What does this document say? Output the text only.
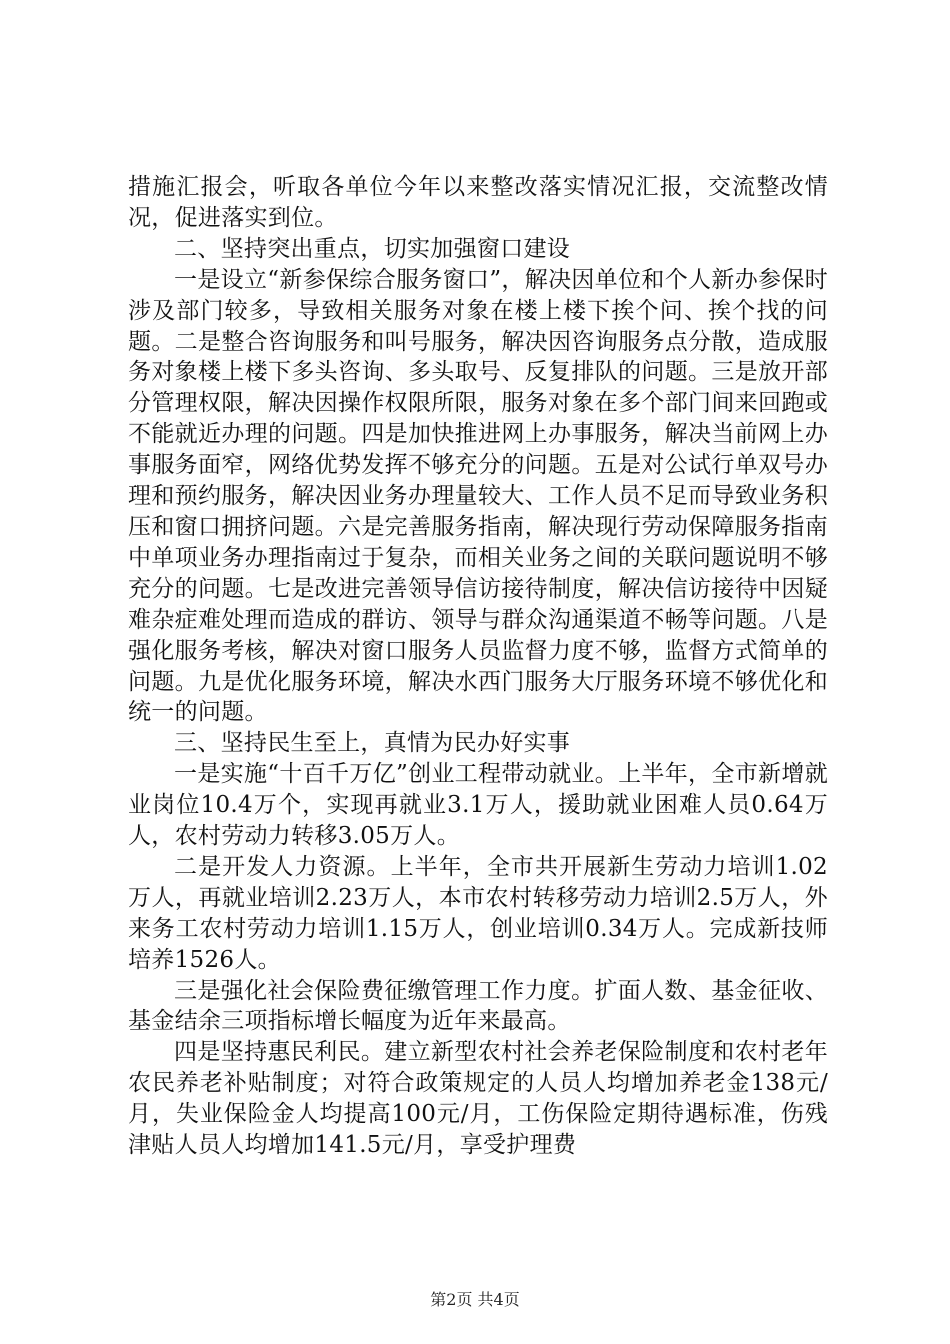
措施汇报会，听取各单位今年以来整改落实情况汇报，交流整改情况，促进落实到位。

二、坚持突出重点，切实加强窗口建设

一是设立“新参保综合服务窗口”，解决因单位和个人新办参保时涉及部门较多，导致相关服务对象在楼上楼下挨个问、挨个找的问题。二是整合咨询服务和叫号服务，解决因咨询服务点分散，造成服务对象楼上楼下多头咨询、多头取号、反复排队的问题。三是放开部分管理权限，解决因操作权限所限，服务对象在多个部门间来回跑或不能就近办理的问题。四是加快推进网上办事服务，解决当前网上办事服务面窄，网络优势发挥不够充分的问题。五是对公试行单双号办理和预约服务，解决因业务办理量较大、工作人员不足而导致业务积压和窗口拥挤问题。六是完善服务指南，解决现行劳动保障服务指南中单项业务办理指南过于复杂，而相关业务之间的关联问题说明不够充分的问题。七是改进完善领导信访接待制度，解决信访接待中因疑难杂症难处理而造成的群访、领导与群众沟通渠道不畅等问题。八是强化服务考核，解决对窗口服务人员监督力度不够，监督方式简单的问题。九是优化服务环境，解决水西门服务大厅服务环境不够优化和统一的问题。

三、坚持民生至上，真情为民办好实事

一是实施“十百千万亿”创业工程带动就业。上半年，全市新增就业岗位10.4万个，实现再就业3.1万人，援助就业困难人员0.64万人，农村劳动力转移3.05万人。

二是开发人力资源。上半年，全市共开展新生劳动力培训1.02万人，再就业培训2.23万人，本市农村转移劳动力培训2.5万人，外来务工农村劳动力培训1.15万人，创业培训0.34万人。完成新技师培养1526人。

三是强化社会保险费征缴管理工作力度。扩面人数、基金征收、基金结余三项指标增长幅度为近年来最高。

四是坚持惠民利民。建立新型农村社会养老保险制度和农村老年农民养老补贴制度；对符合政策规定的人员人均增加养老金138元/月，失业保险金人均提高100元/月，工伤保险定期待遇标准，伤残津贴人员人均增加141.5元/月，享受护理费

第2页 共4页
